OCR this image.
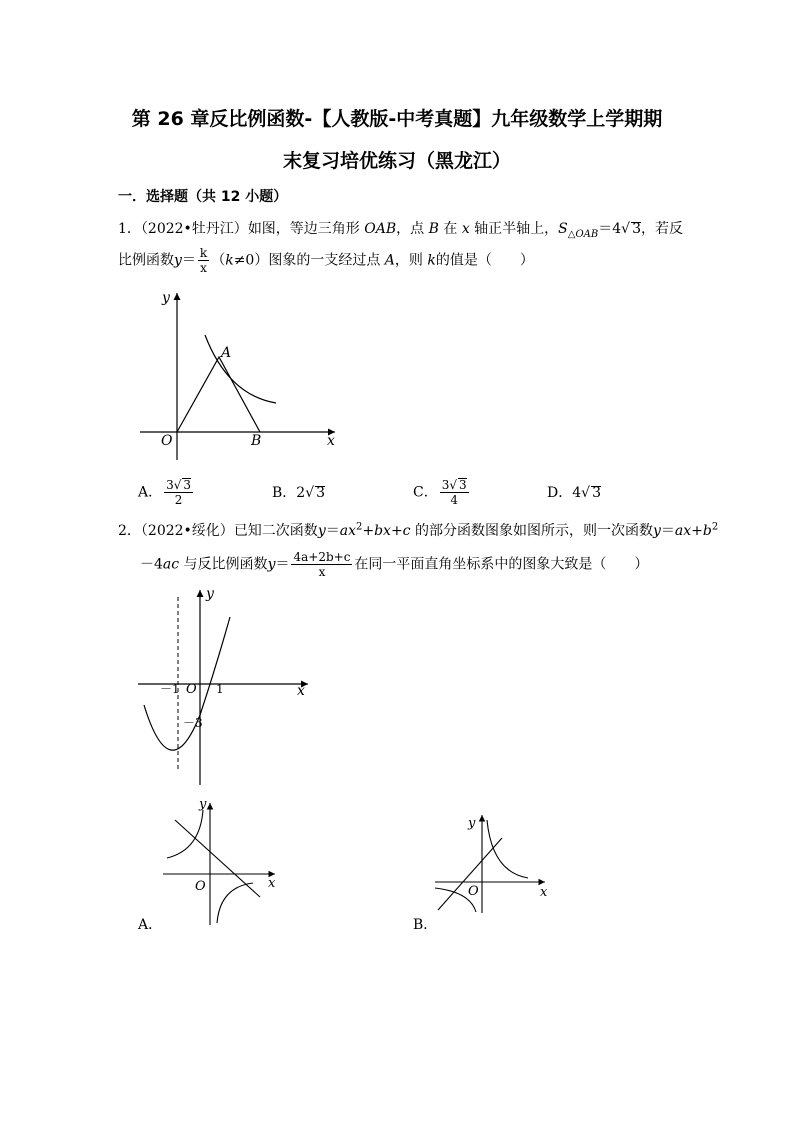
第 26 章反比例函数-【人教版-中考真题】九年级数学上学期期
末复习培优练习（黑龙江）
一．选择题（共 12 小题）
1．（2022•牡丹江）如图，等边三角形 OAB，点 B 在 x 轴正半轴上，$S_{\triangle OAB}=4√$ 3，若反
比例函数$y= \frac{k}{x} (k\ne 0)$图象的一支经过点 A，则 k的值是（　　）
y
x
O
A
B
A． $\frac{3√ 3}{2}$	B．2√ 3	C． $\frac{3√ 3}{4}$	D．4√ 3
2．（2022•绥化）已知二次函数$y=ax^2+bx+c$ 的部分函数图象如图所示，则一次函数$y=ax+b^2$
－4ac 与反比例函数$y= \frac{4a+2b+c}{x}$ 在同一平面直角坐标系中的图象大致是（　　）
y
x
O
－1	1
－3
y
x
O
A．
y
x
O
B．
